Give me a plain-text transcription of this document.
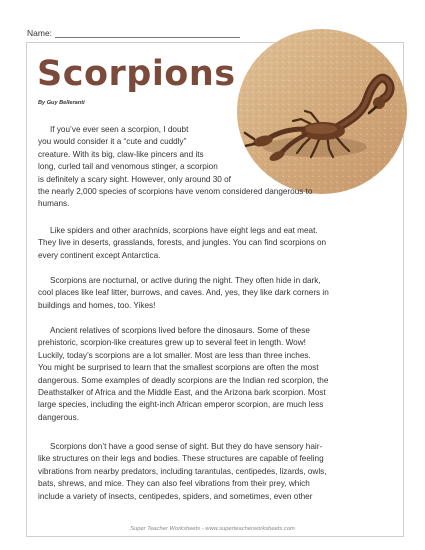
Name:
Scorpions
By Guy Belleranti
If you’ve ever seen a scorpion, I doubt
you would consider it a “cute and cuddly”
creature. With its big, claw-like pincers and its
long, curled tail and venomous stinger, a scorpion
is definitely a scary sight. However, only around 30 of
the nearly 2,000 species of scorpions have venom considered dangerous to
humans.
Like spiders and other arachnids, scorpions have eight legs and eat meat.
They live in deserts, grasslands, forests, and jungles. You can find scorpions on
every continent except Antarctica.
Scorpions are nocturnal, or active during the night. They often hide in dark,
cool places like leaf litter, burrows, and caves. And, yes, they like dark corners in
buildings and homes, too. Yikes!
Ancient relatives of scorpions lived before the dinosaurs. Some of these
prehistoric, scorpion-like creatures grew up to several feet in length. Wow!
Luckily, today’s scorpions are a lot smaller. Most are less than three inches.
You might be surprised to learn that the smallest scorpions are often the most
dangerous. Some examples of deadly scorpions are the Indian red scorpion, the
Deathstalker of Africa and the Middle East, and the Arizona bark scorpion. Most
large species, including the eight-inch African emperor scorpion, are much less
dangerous.
Scorpions don’t have a good sense of sight. But they do have sensory hair-
like structures on their legs and bodies. These structures are capable of feeling
vibrations from nearby predators, including tarantulas, centipedes, lizards, owls,
bats, shrews, and mice. They can also feel vibrations from their prey, which
include a variety of insects, centipedes, spiders, and sometimes, even other
Super Teacher Worksheets - www.superteacherworksheets.com
